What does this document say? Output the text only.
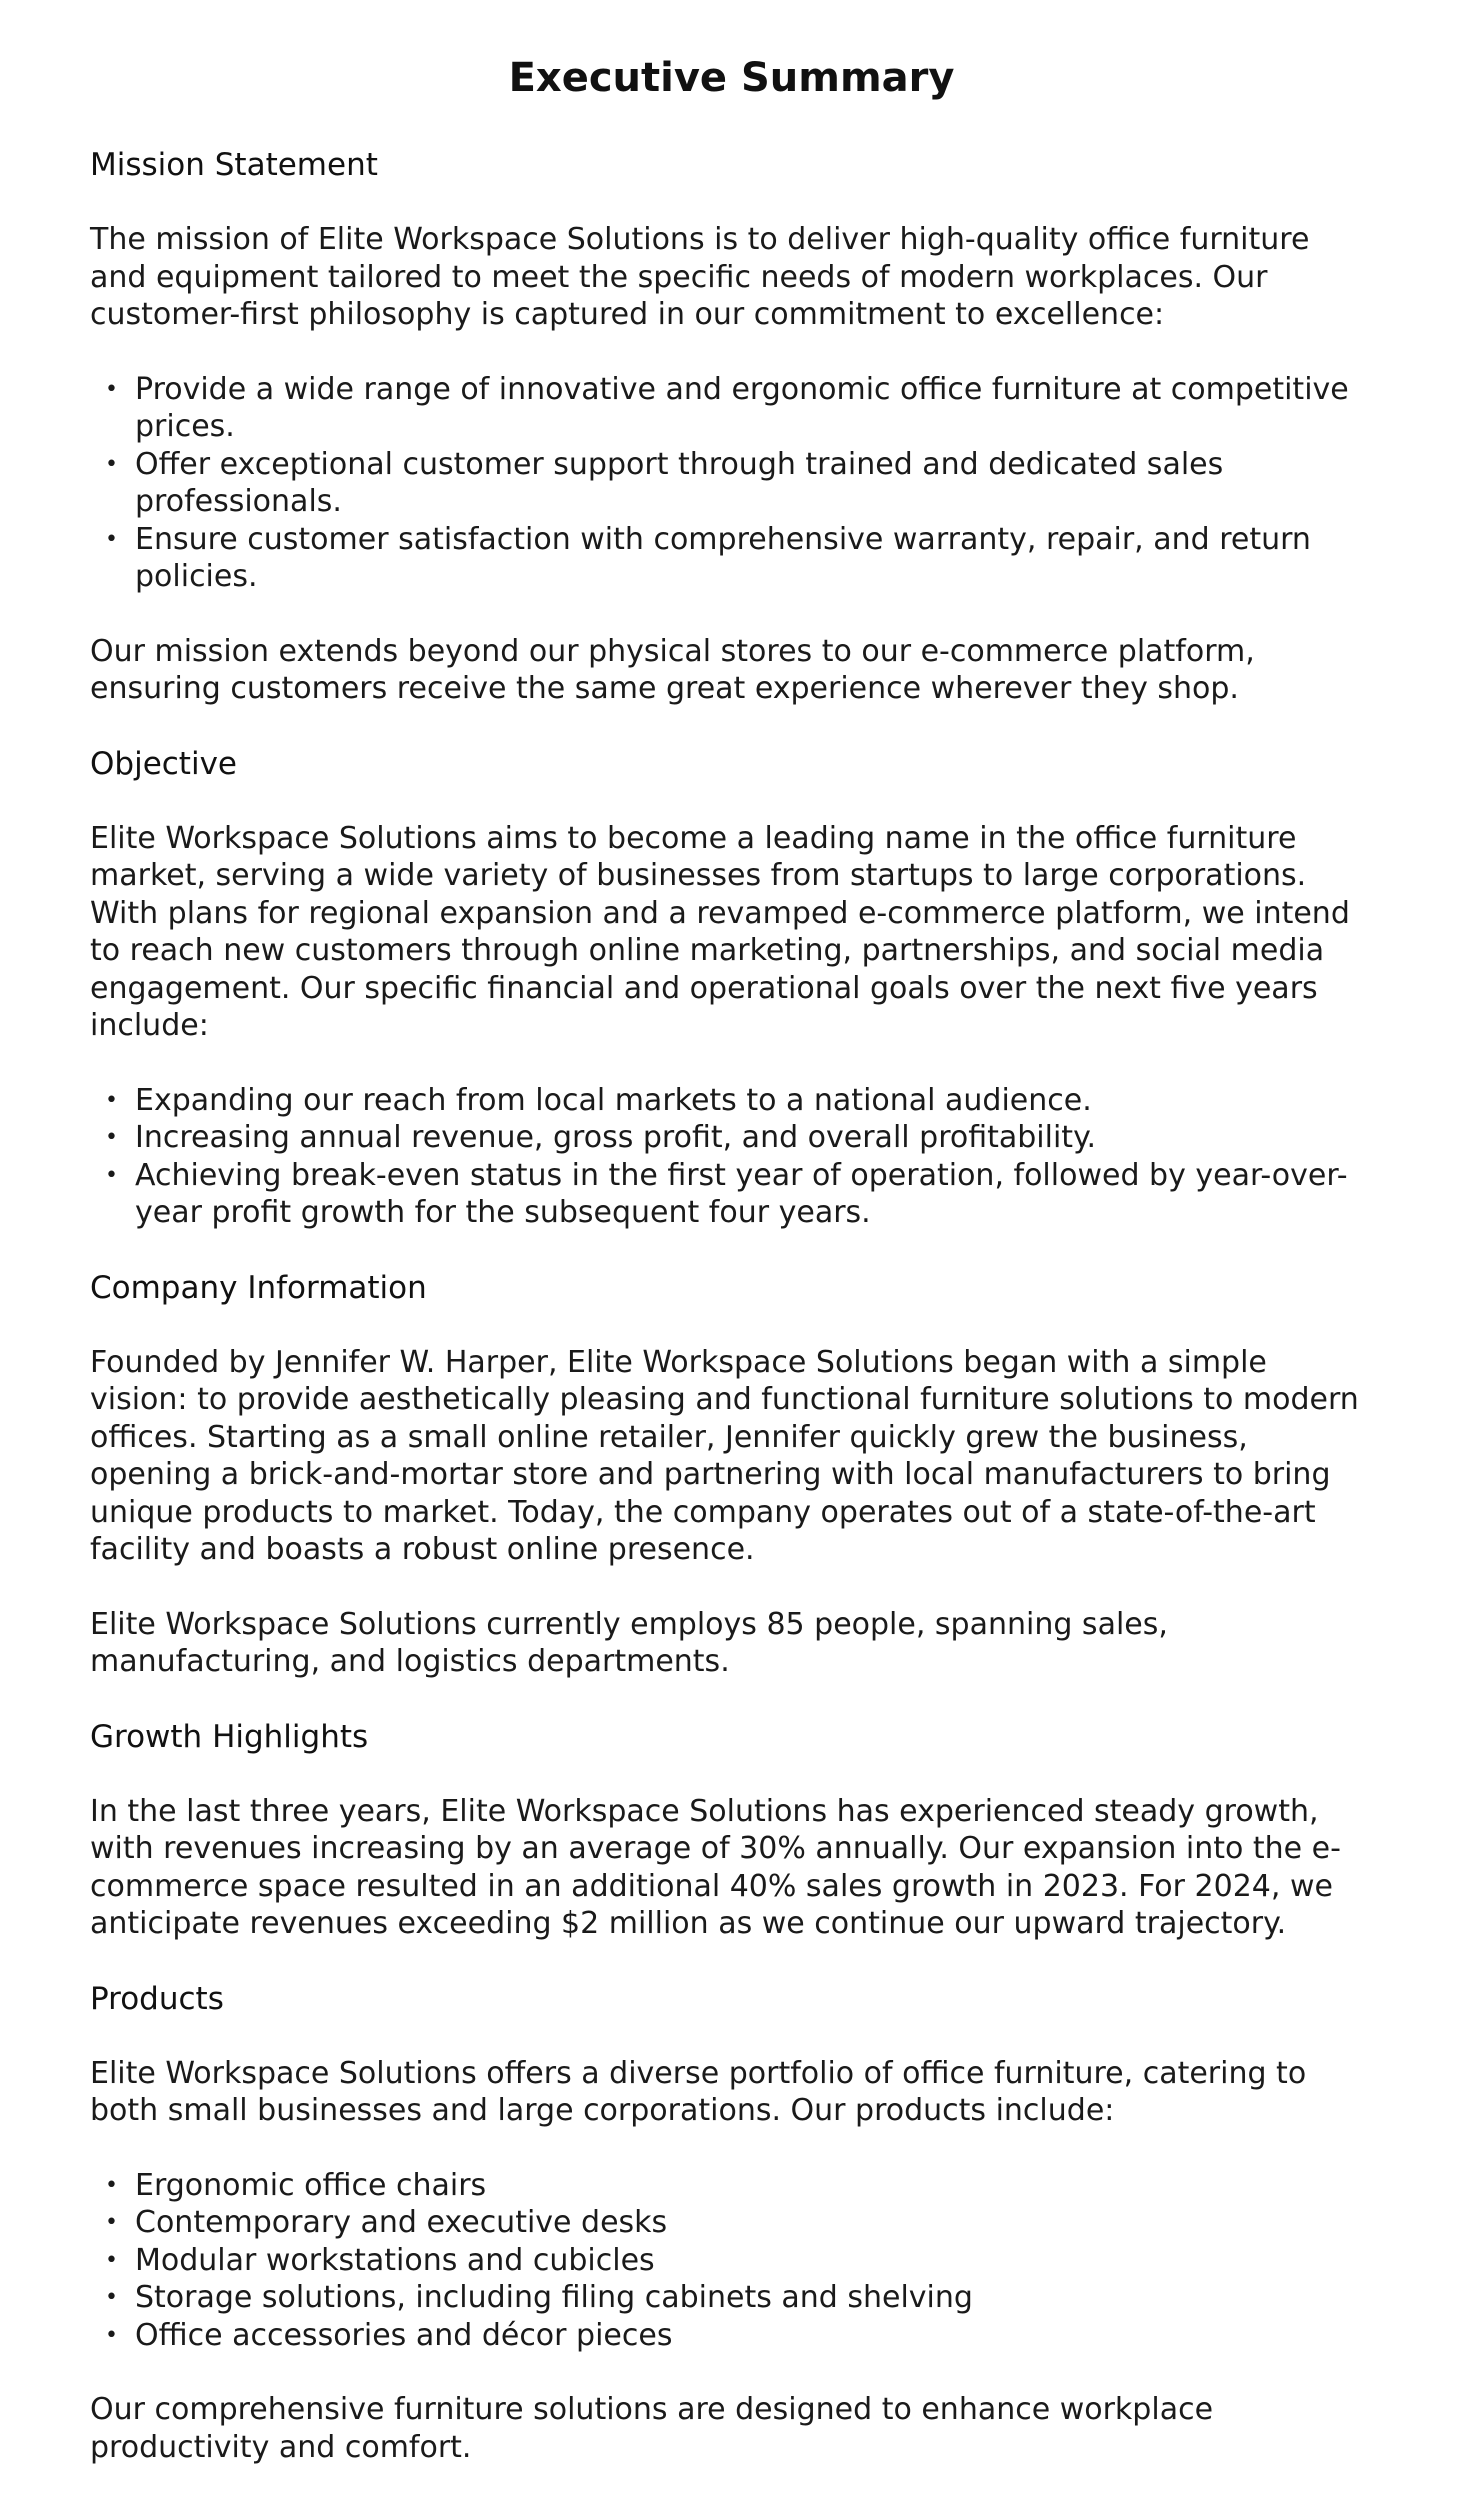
Executive Summary
Mission Statement

The mission of Elite Workspace Solutions is to deliver high-quality office furniture and equipment tailored to meet the specific needs of modern workplaces. Our customer-first philosophy is captured in our commitment to excellence:

• Provide a wide range of innovative and ergonomic office furniture at competitive prices.
• Offer exceptional customer support through trained and dedicated sales professionals.
• Ensure customer satisfaction with comprehensive warranty, repair, and return policies.

Our mission extends beyond our physical stores to our e-commerce platform, ensuring customers receive the same great experience wherever they shop.

Objective

Elite Workspace Solutions aims to become a leading name in the office furniture market, serving a wide variety of businesses from startups to large corporations. With plans for regional expansion and a revamped e-commerce platform, we intend to reach new customers through online marketing, partnerships, and social media engagement. Our specific financial and operational goals over the next five years include:

• Expanding our reach from local markets to a national audience.
• Increasing annual revenue, gross profit, and overall profitability.
• Achieving break-even status in the first year of operation, followed by year-over-year profit growth for the subsequent four years.
Company Information

Founded by Jennifer W. Harper, Elite Workspace Solutions began with a simple vision: to provide aesthetically pleasing and functional furniture solutions to modern offices. Starting as a small online retailer, Jennifer quickly grew the business, opening a brick-and-mortar store and partnering with local manufacturers to bring unique products to market. Today, the company operates out of a state-of-the-art facility and boasts a robust online presence.

Elite Workspace Solutions currently employs 85 people, spanning sales, manufacturing, and logistics departments.

Growth Highlights

In the last three years, Elite Workspace Solutions has experienced steady growth, with revenues increasing by an average of 30% annually. Our expansion into the e-commerce space resulted in an additional 40% sales growth in 2023. For 2024, we anticipate revenues exceeding $2 million as we continue our upward trajectory.

Products

Elite Workspace Solutions offers a diverse portfolio of office furniture, catering to both small businesses and large corporations. Our products include:

• Ergonomic office chairs
• Contemporary and executive desks
• Modular workstations and cubicles
• Storage solutions, including filing cabinets and shelving
• Office accessories and décor pieces

Our comprehensive furniture solutions are designed to enhance workplace productivity and comfort.
